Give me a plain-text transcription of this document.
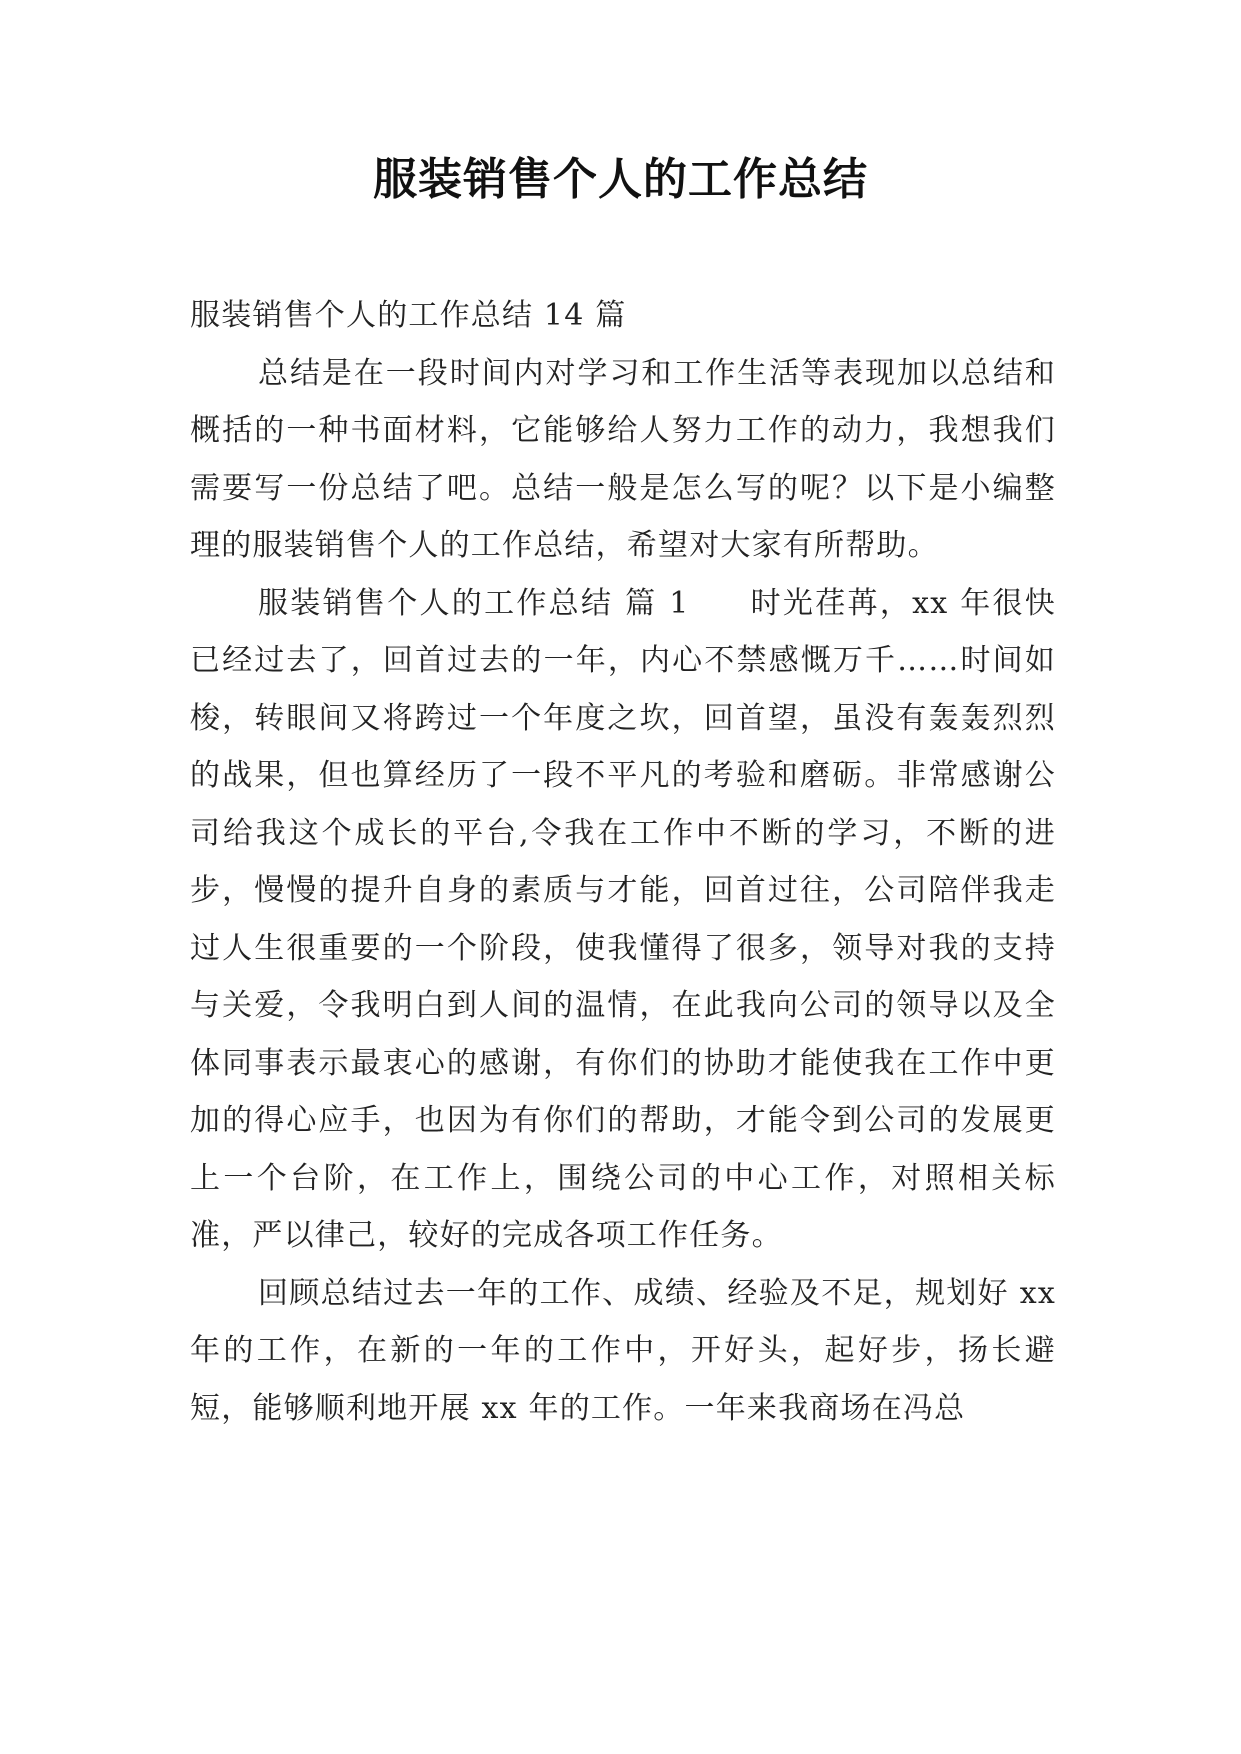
服装销售个人的工作总结

服装销售个人的工作总结 14 篇

总结是在一段时间内对学习和工作生活等表现加以总结和概括的一种书面材料，它能够给人努力工作的动力，我想我们需要写一份总结了吧。总结一般是怎么写的呢？以下是小编整理的服装销售个人的工作总结，希望对大家有所帮助。

服装销售个人的工作总结 篇 1 时光荏苒，xx 年很快已经过去了，回首过去的一年，内心不禁感慨万千……时间如梭，转眼间又将跨过一个年度之坎，回首望，虽没有轰轰烈烈的战果，但也算经历了一段不平凡的考验和磨砺。非常感谢公司给我这个成长的平台,令我在工作中不断的学习，不断的进步，慢慢的提升自身的素质与才能，回首过往，公司陪伴我走过人生很重要的一个阶段，使我懂得了很多，领导对我的支持与关爱，令我明白到人间的温情，在此我向公司的领导以及全体同事表示最衷心的感谢，有你们的协助才能使我在工作中更加的得心应手，也因为有你们的帮助，才能令到公司的发展更上一个台阶，在工作上，围绕公司的中心工作，对照相关标准，严以律己，较好的完成各项工作任务。

回顾总结过去一年的工作、成绩、经验及不足，规划好 xx 年的工作，在新的一年的工作中，开好头，起好步，扬长避短，能够顺利地开展 xx 年的工作。一年来我商场在冯总
